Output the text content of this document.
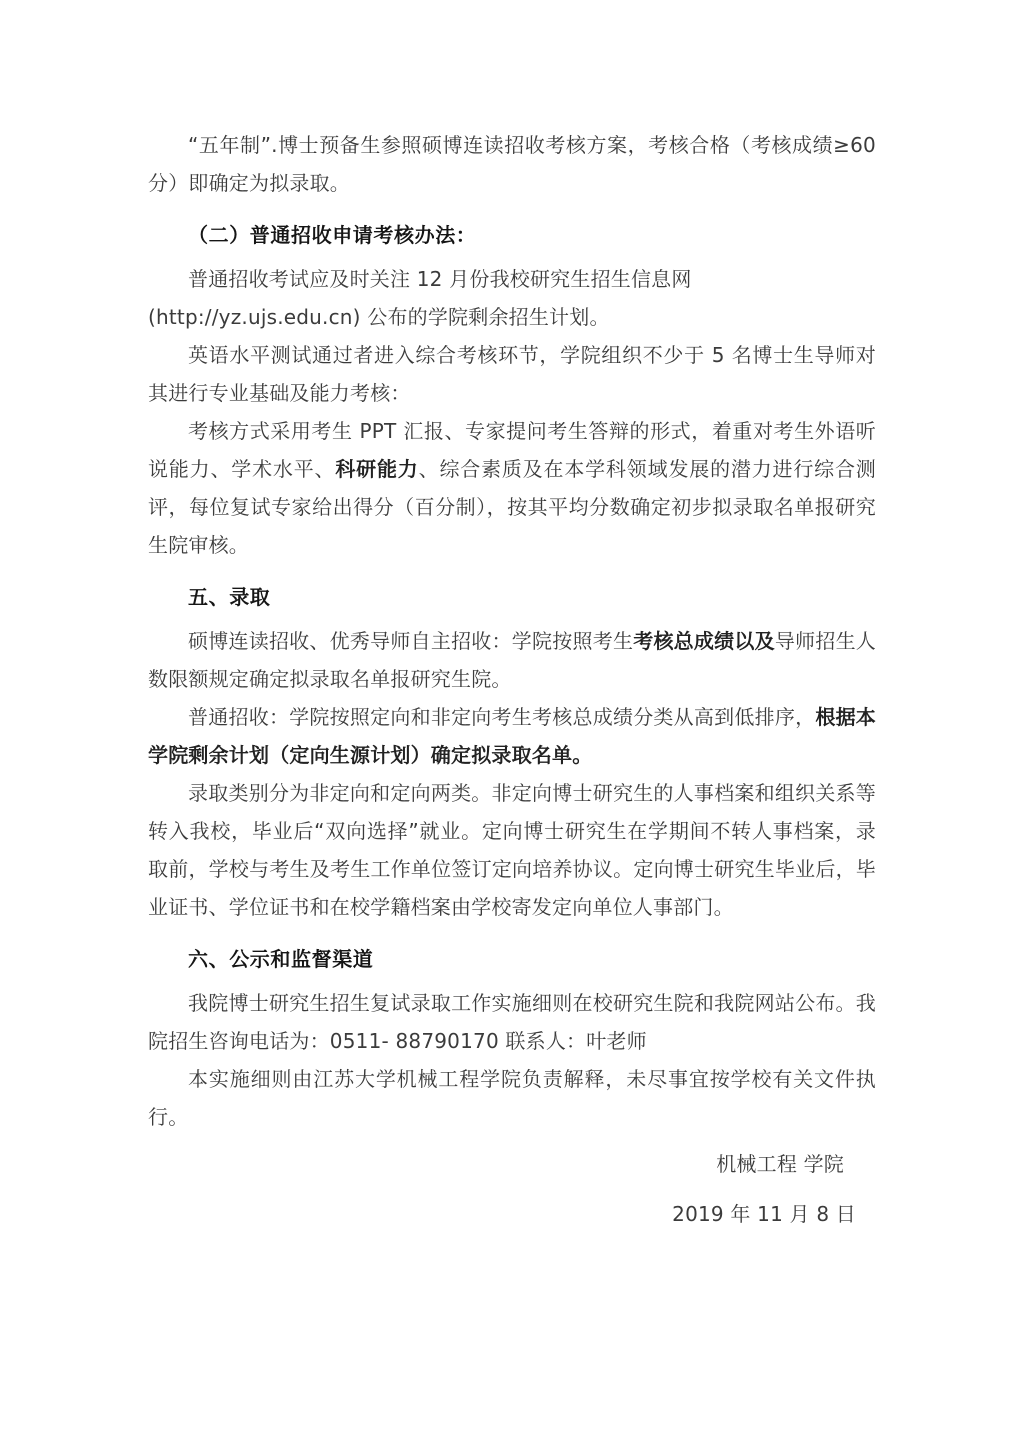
“五年制”.博士预备生参照硕博连读招收考核方案，考核合格（考核成绩≥60 分）即确定为拟录取。

（二）普通招收申请考核办法：

普通招收考试应及时关注 12 月份我校研究生招生信息网
(http://yz.ujs.edu.cn) 公布的学院剩余招生计划。

英语水平测试通过者进入综合考核环节，学院组织不少于 5 名博士生导师对其进行专业基础及能力考核：

考核方式采用考生 PPT 汇报、专家提问考生答辩的形式，着重对考生外语听说能力、学术水平、科研能力、综合素质及在本学科领域发展的潜力进行综合测评，每位复试专家给出得分（百分制），按其平均分数确定初步拟录取名单报研究生院审核。

五、录取

硕博连读招收、优秀导师自主招收：学院按照考生考核总成绩以及导师招生人数限额规定确定拟录取名单报研究生院。

普通招收：学院按照定向和非定向考生考核总成绩分类从高到低排序，根据本学院剩余计划（定向生源计划）确定拟录取名单。

录取类别分为非定向和定向两类。非定向博士研究生的人事档案和组织关系等转入我校，毕业后“双向选择”就业。定向博士研究生在学期间不转人事档案，录取前，学校与考生及考生工作单位签订定向培养协议。定向博士研究生毕业后，毕业证书、学位证书和在校学籍档案由学校寄发定向单位人事部门。

六、公示和监督渠道

我院博士研究生招生复试录取工作实施细则在校研究生院和我院网站公布。我院招生咨询电话为：0511- 88790170 联系人：叶老师

本实施细则由江苏大学机械工程学院负责解释，未尽事宜按学校有关文件执行。

机械工程 学院

2019 年 11 月 8 日
